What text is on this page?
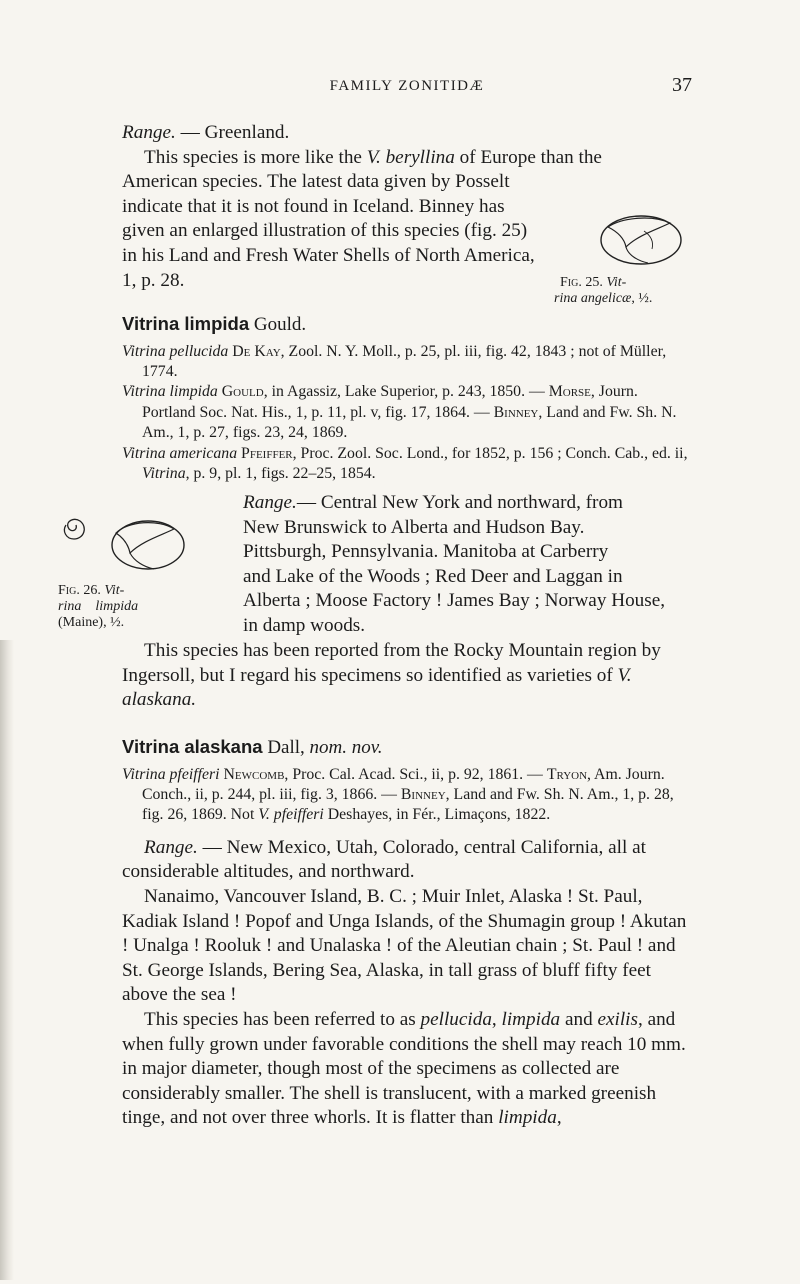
FAMILY ZONITIDÆ	37

Range. — Greenland.

This species is more like the V. beryllina of Europe than the

American species. The latest data given by Posselt

indicate that it is not found in Iceland. Binney has

given an enlarged illustration of this species (fig. 25)

in his Land and Fresh Water Shells of North America,

1, p. 28.	Fig. 25. Vit-
rina angelicæ, ½.

Vitrina limpida Gould.

Vitrina pellucida De Kay, Zool. N. Y. Moll., p. 25, pl. iii, fig. 42, 1843 ; not of Müller, 1774.

Vitrina limpida Gould, in Agassiz, Lake Superior, p. 243, 1850. — Morse, Journ. Portland Soc. Nat. His., 1, p. 11, pl. v, fig. 17, 1864. — Binney, Land and Fw. Sh. N. Am., 1, p. 27, figs. 23, 24, 1869.

Vitrina americana Pfeiffer, Proc. Zool. Soc. Lond., for 1852, p. 156 ; Conch. Cab., ed. ii, Vitrina, p. 9, pl. 1, figs. 22–25, 1854.

Range.— Central New York and northward, from

New Brunswick to Alberta and Hudson Bay.

Pittsburgh, Pennsylvania. Manitoba at Carberry

and Lake of the Woods ; Red Deer and Laggan in

Alberta ; Moose Factory ! James Bay ; Norway House,

in damp woods.

Fig. 26. Vit-
rina limpida
(Maine), ½.

This species has been reported from the Rocky Mountain region by Ingersoll, but I regard his specimens so identified as varieties of V. alaskana.

Vitrina alaskana Dall, nom. nov.

Vitrina pfeifferi Newcomb, Proc. Cal. Acad. Sci., ii, p. 92, 1861. — Tryon, Am. Journ. Conch., ii, p. 244, pl. iii, fig. 3, 1866. — Binney, Land and Fw. Sh. N. Am., 1, p. 28, fig. 26, 1869. Not V. pfeifferi Deshayes, in Fér., Limaçons, 1822.

Range. — New Mexico, Utah, Colorado, central California, all at considerable altitudes, and northward.

Nanaimo, Vancouver Island, B. C. ; Muir Inlet, Alaska ! St. Paul, Kadiak Island ! Popof and Unga Islands, of the Shumagin group ! Akutan ! Unalga ! Rooluk ! and Unalaska ! of the Aleutian chain ; St. Paul ! and St. George Islands, Bering Sea, Alaska, in tall grass of bluff fifty feet above the sea !

This species has been referred to as pellucida, limpida and exilis, and when fully grown under favorable conditions the shell may reach 10 mm. in major diameter, though most of the specimens as collected are considerably smaller. The shell is translucent, with a marked greenish tinge, and not over three whorls. It is flatter than limpida,
